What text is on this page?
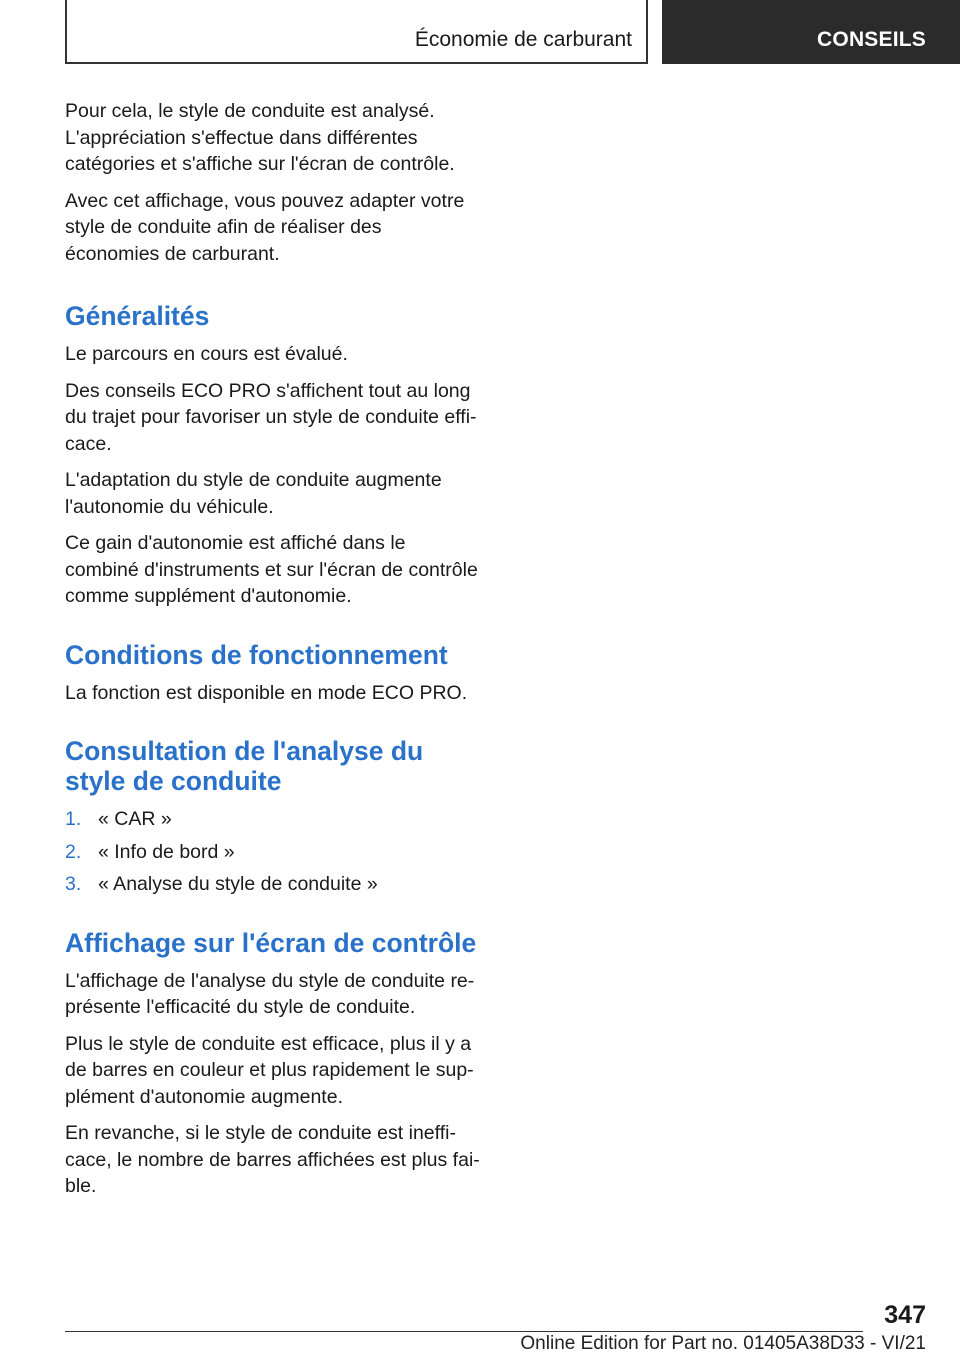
Économie de carburant	CONSEILS

Pour cela, le style de conduite est analysé. L'appréciation s'effectue dans différentes catégories et s'affiche sur l'écran de contrôle.

Avec cet affichage, vous pouvez adapter votre style de conduite afin de réaliser des économies de carburant.

Généralités

Le parcours en cours est évalué.

Des conseils ECO PRO s'affichent tout au long du trajet pour favoriser un style de conduite efficace.

L'adaptation du style de conduite augmente l'autonomie du véhicule.

Ce gain d'autonomie est affiché dans le combiné d'instruments et sur l'écran de contrôle comme supplément d'autonomie.

Conditions de fonctionnement

La fonction est disponible en mode ECO PRO.

Consultation de l'analyse du style de conduite
1. « CAR »
2. « Info de bord »
3. « Analyse du style de conduite »
Affichage sur l'écran de contrôle

L'affichage de l'analyse du style de conduite représente l'efficacité du style de conduite.

Plus le style de conduite est efficace, plus il y a de barres en couleur et plus rapidement le supplément d'autonomie augmente.

En revanche, si le style de conduite est inefficace, le nombre de barres affichées est plus faible.

347
Online Edition for Part no. 01405A38D33 - VI/21
